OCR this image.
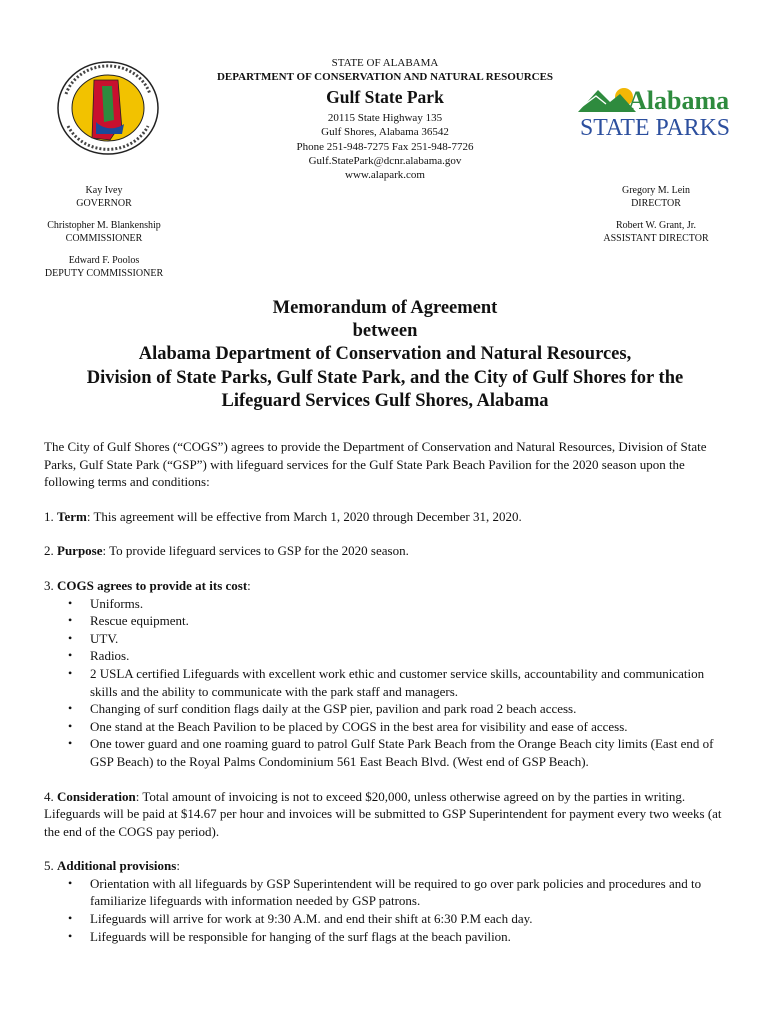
STATE OF ALABAMA
DEPARTMENT OF CONSERVATION AND NATURAL RESOURCES
Gulf State Park
20115 State Highway 135
Gulf Shores, Alabama 36542
Phone 251-948-7275 Fax 251-948-7726
Gulf.StatePark@dcnr.alabama.gov
www.alapark.com
Alabama
STATE PARKS
Kay Ivey
GOVERNOR
Christopher M. Blankenship
COMMISSIONER
Edward F. Poolos
DEPUTY COMMISSIONER
Gregory M. Lein
DIRECTOR
Robert W. Grant, Jr.
ASSISTANT DIRECTOR
Memorandum of Agreement
between
Alabama Department of Conservation and Natural Resources,
Division of State Parks, Gulf State Park, and the City of Gulf Shores for the
Lifeguard Services Gulf Shores, Alabama

The City of Gulf Shores (“COGS”) agrees to provide the Department of Conservation and Natural Resources, Division of State Parks, Gulf State Park (“GSP”) with lifeguard services for the Gulf State Park Beach Pavilion for the 2020 season upon the following terms and conditions:

1. Term: This agreement will be effective from March 1, 2020 through December 31, 2020.

2. Purpose: To provide lifeguard services to GSP for the 2020 season.

3. COGS agrees to provide at its cost:

• Uniforms.
• Rescue equipment.
• UTV.
• Radios.
• 2 USLA certified Lifeguards with excellent work ethic and customer service skills, accountability and communication skills and the ability to communicate with the park staff and managers.
• Changing of surf condition flags daily at the GSP pier, pavilion and park road 2 beach access.
• One stand at the Beach Pavilion to be placed by COGS in the best area for visibility and ease of access.
• One tower guard and one roaming guard to patrol Gulf State Park Beach from the Orange Beach city limits (East end of GSP Beach) to the Royal Palms Condominium 561 East Beach Blvd. (West end of GSP Beach).

4. Consideration: Total amount of invoicing is not to exceed $20,000, unless otherwise agreed on by the parties in writing. Lifeguards will be paid at $14.67 per hour and invoices will be submitted to GSP Superintendent for payment every two weeks (at the end of the COGS pay period).

5. Additional provisions:

• Orientation with all lifeguards by GSP Superintendent will be required to go over park policies and procedures and to familiarize lifeguards with information needed by GSP patrons.
• Lifeguards will arrive for work at 9:30 A.M. and end their shift at 6:30 P.M each day.
• Lifeguards will be responsible for hanging of the surf flags at the beach pavilion.
